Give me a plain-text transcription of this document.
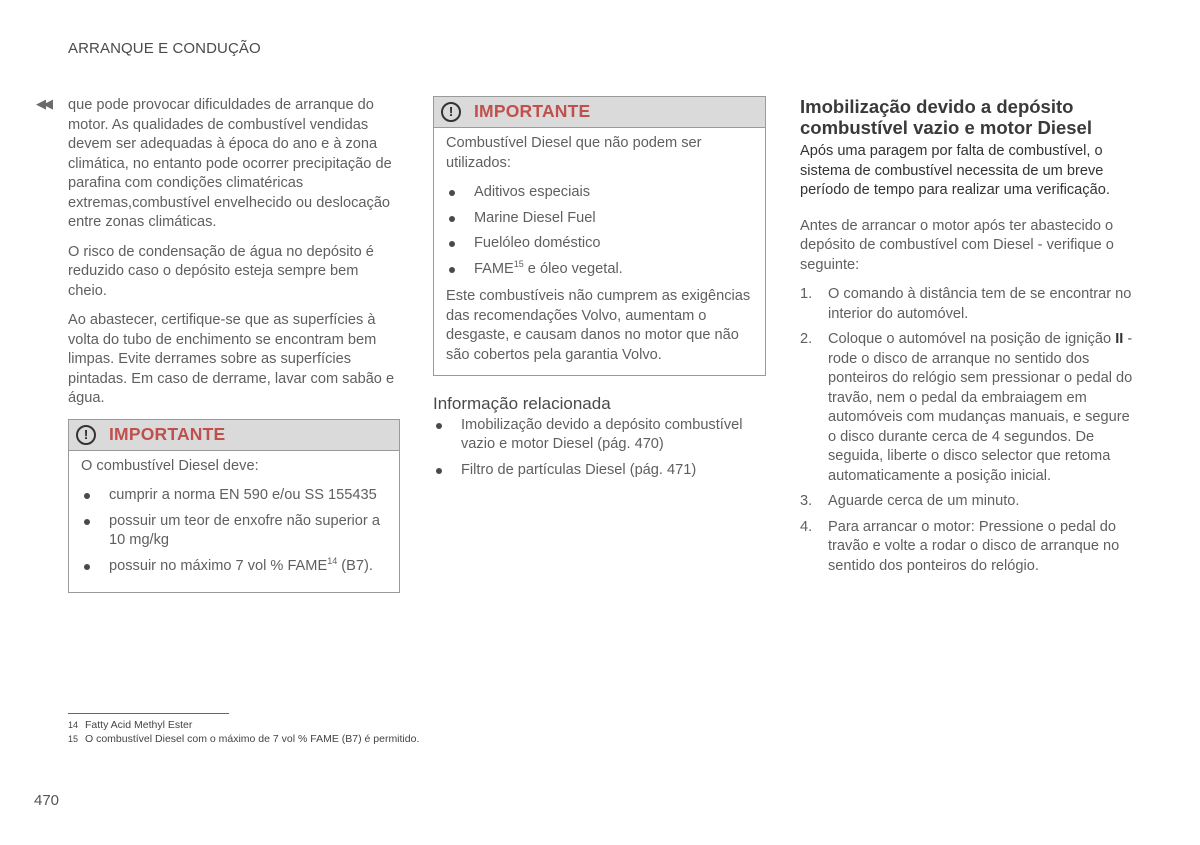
ARRANQUE E CONDUÇÃO
◀◀ que pode provocar dificuldades de arranque do motor. As qualidades de combustível vendidas devem ser adequadas à época do ano e à zona climática, no entanto pode ocorrer precipitação de parafina com condições climatéricas extremas,combustível envelhecido ou deslocação entre zonas climáticas.

O risco de condensação de água no depósito é reduzido caso o depósito esteja sempre bem cheio.

Ao abastecer, certifique-se que as superfícies à volta do tubo de enchimento se encontram bem limpas. Evite derrames sobre as superfícies pintadas. Em caso de derrame, lavar com sabão e água.

!	IMPORTANTE

O combustível Diesel deve:

cumprir a norma EN 590 e/ou SS 155435
possuir um teor de enxofre não superior a 10 mg/kg
possuir no máximo 7 vol % FAME$^{14}$ (B7).
!	IMPORTANTE

Combustível Diesel que não podem ser utilizados:

Aditivos especiais
Marine Diesel Fuel
Fuelóleo doméstico
FAME$^{15}$ e óleo vegetal.

Este combustíveis não cumprem as exigências das recomendações Volvo, aumentam o desgaste, e causam danos no motor que não são cobertos pela garantia Volvo.

Informação relacionada
Imobilização devido a depósito combustível vazio e motor Diesel (pág. 470)
Filtro de partículas Diesel (pág. 471)
Imobilização devido a depósito combustível vazio e motor Diesel

Após uma paragem por falta de combustível, o sistema de combustível necessita de um breve período de tempo para realizar uma verificação.

Antes de arrancar o motor após ter abastecido o depósito de combustível com Diesel - verifique o seguinte:

1. O comando à distância tem de se encontrar no interior do automóvel.
2. Coloque o automóvel na posição de ignição II - rode o disco de arranque no sentido dos ponteiros do relógio sem pressionar o pedal do travão, nem o pedal da embraiagem em automóveis com mudanças manuais, e segure o disco durante cerca de 4 segundos. De seguida, liberte o disco selector que retoma automaticamente a posição inicial.
3. Aguarde cerca de um minuto.
4. Para arrancar o motor: Pressione o pedal do travão e volte a rodar o disco de arranque no sentido dos ponteiros do relógio.
14 Fatty Acid Methyl Ester
15 O combustível Diesel com o máximo de 7 vol % FAME (B7) é permitido.
470
